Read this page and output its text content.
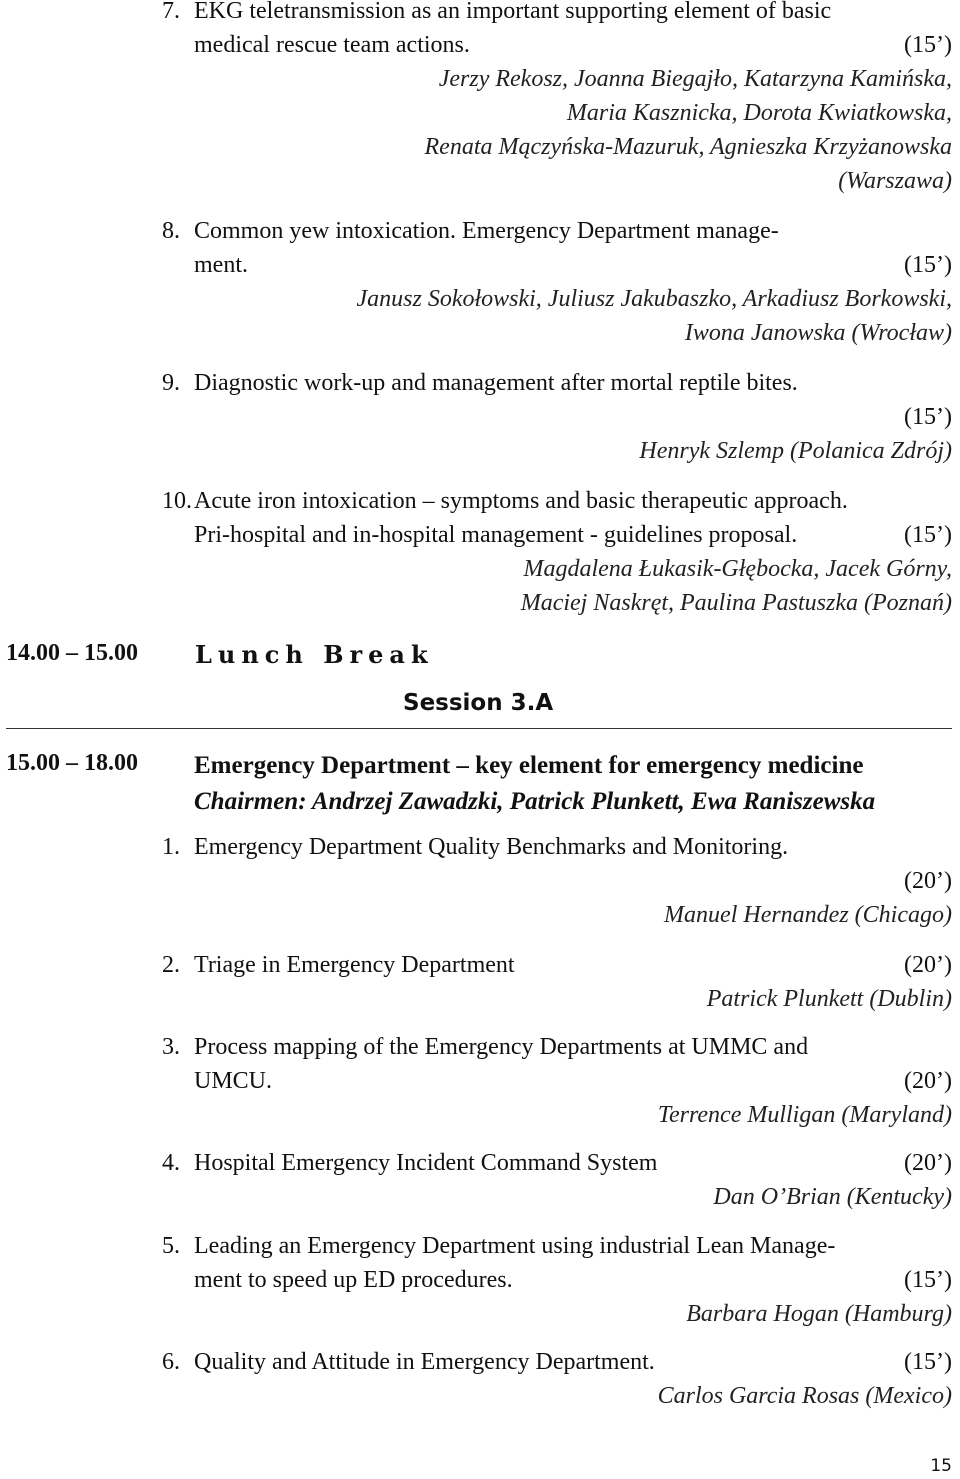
7. EKG teletransmission as an important supporting element of basic
medical rescue team actions.	(15’)
Jerzy Rekosz, Joanna Biegajło, Katarzyna Kamińska,
Maria Kasznicka, Dorota Kwiatkowska,
Renata Mączyńska-Mazuruk, Agnieszka Krzyżanowska
(Warszawa)
8. Common yew intoxication. Emergency Department manage-
ment.	(15’)
Janusz Sokołowski, Juliusz Jakubaszko, Arkadiusz Borkowski,
Iwona Janowska (Wrocław)
9. Diagnostic work-up and management after mortal reptile bites.
(15’)
Henryk Szlemp (Polanica Zdrój)
10.Acute iron intoxication – symptoms and basic therapeutic approach.
Pri-hospital and in-hospital management - guidelines proposal.	(15’)
Magdalena Łukasik-Głębocka, Jacek Górny,
Maciej Naskręt, Paulina Pastuszka (Poznań)
14.00 – 15.00 Lunch Break
Session 3.A
15.00 – 18.00 Emergency Department – key element for emergency medicine
Chairmen: Andrzej Zawadzki, Patrick Plunkett, Ewa Raniszewska
1. Emergency Department Quality Benchmarks and Monitoring.
(20’)
Manuel Hernandez (Chicago)
2. Triage in Emergency Department	(20’)
Patrick Plunkett (Dublin)
3. Process mapping of the Emergency Departments at UMMC and
UMCU.	(20’)
Terrence Mulligan (Maryland)
4. Hospital Emergency Incident Command System	(20’)
Dan O’Brian (Kentucky)
5. Leading an Emergency Department using industrial Lean Manage-
ment to speed up ED procedures.	(15’)
Barbara Hogan (Hamburg)
6. Quality and Attitude in Emergency Department.	(15’)
Carlos Garcia Rosas (Mexico)
15
